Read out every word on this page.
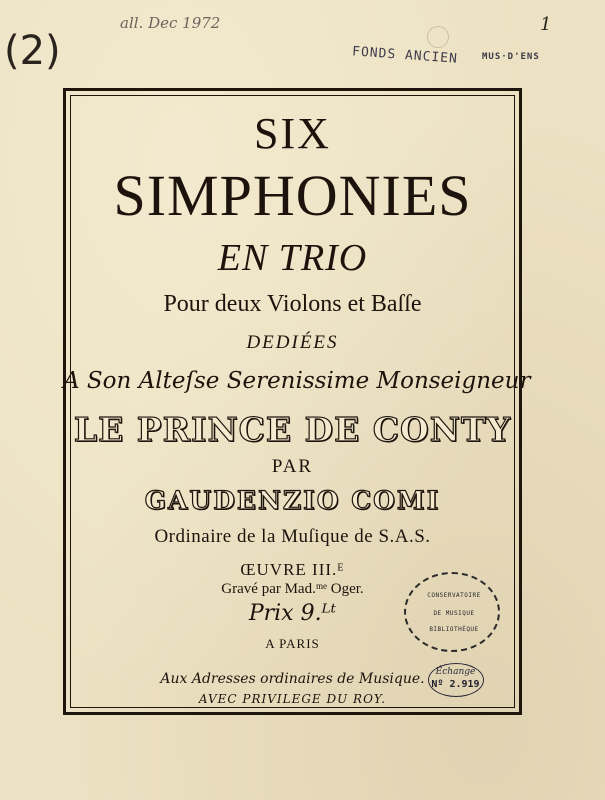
(2)
all. Dec 1972	1
FONDS ANCIEN	MUS·D'ENS
SIX
SIMPHONIES
EN TRIO
Pour deux Violons et Baſſe
DEDIÉES
A Son Alteſse Serenissime Monseigneur
LE PRINCE DE CONTY
PAR
GAUDENZIO COMI
Ordinaire de la Muſique de S.A.S.
ŒUVRE III.ᴱ
Gravé par Mad.ᵐᵉ Oger.
Prix 9.ᴸᵗ
A PARIS
Aux Adresses ordinaires de Musique.
AVEC PRIVILEGE DU ROY.
CONSERVATOIRE
DE MUSIQUE
BIBLIOTHÈQUE
Échange
Nº 2.919
